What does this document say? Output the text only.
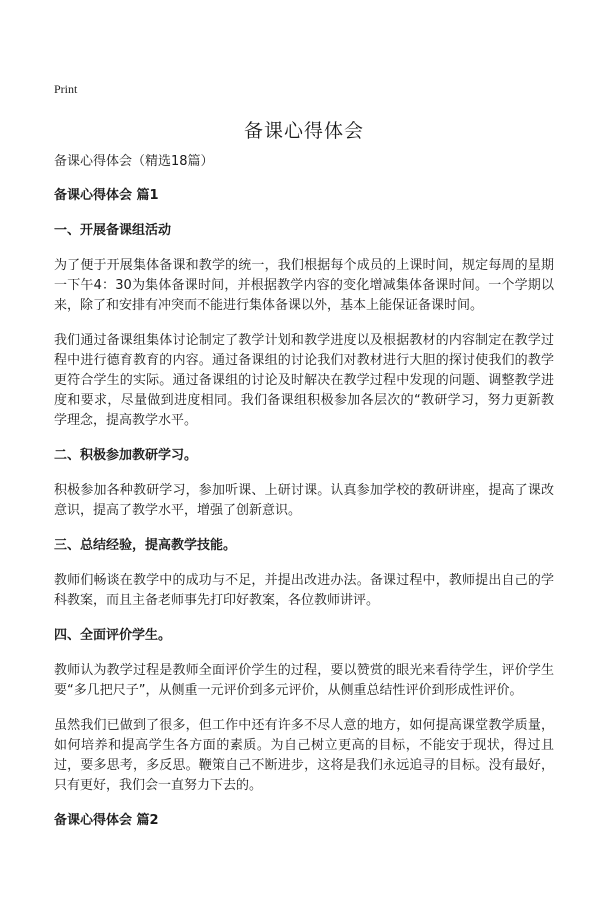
Print
备课心得体会

备课心得体会（精选18篇）

备课心得体会 篇1

一、开展备课组活动

为了便于开展集体备课和教学的统一，我们根据每个成员的上课时间，规定每周的星期一下午4：30为集体备课时间，并根据教学内容的变化增减集体备课时间。一个学期以来，除了和安排有冲突而不能进行集体备课以外，基本上能保证备课时间。

我们通过备课组集体讨论制定了教学计划和教学进度以及根据教材的内容制定在教学过程中进行德育教育的内容。通过备课组的讨论我们对教材进行大胆的探讨使我们的教学更符合学生的实际。通过备课组的讨论及时解决在教学过程中发现的问题、调整教学进度和要求，尽量做到进度相同。我们备课组积极参加各层次的“教研学习，努力更新教学理念，提高教学水平。

二、积极参加教研学习。

积极参加各种教研学习，参加听课、上研讨课。认真参加学校的教研讲座，提高了课改意识，提高了教学水平，增强了创新意识。

三、总结经验，提高教学技能。

教师们畅谈在教学中的成功与不足，并提出改进办法。备课过程中，教师提出自己的学科教案，而且主备老师事先打印好教案，各位教师讲评。

四、全面评价学生。

教师认为教学过程是教师全面评价学生的过程，要以赞赏的眼光来看待学生，评价学生要“多几把尺子”，从侧重一元评价到多元评价，从侧重总结性评价到形成性评价。

虽然我们已做到了很多，但工作中还有许多不尽人意的地方，如何提高课堂教学质量，如何培养和提高学生各方面的素质。为自己树立更高的目标，不能安于现状，得过且过，要多思考，多反思。鞭策自己不断进步，这将是我们永远追寻的目标。没有最好，只有更好，我们会一直努力下去的。

备课心得体会 篇2
